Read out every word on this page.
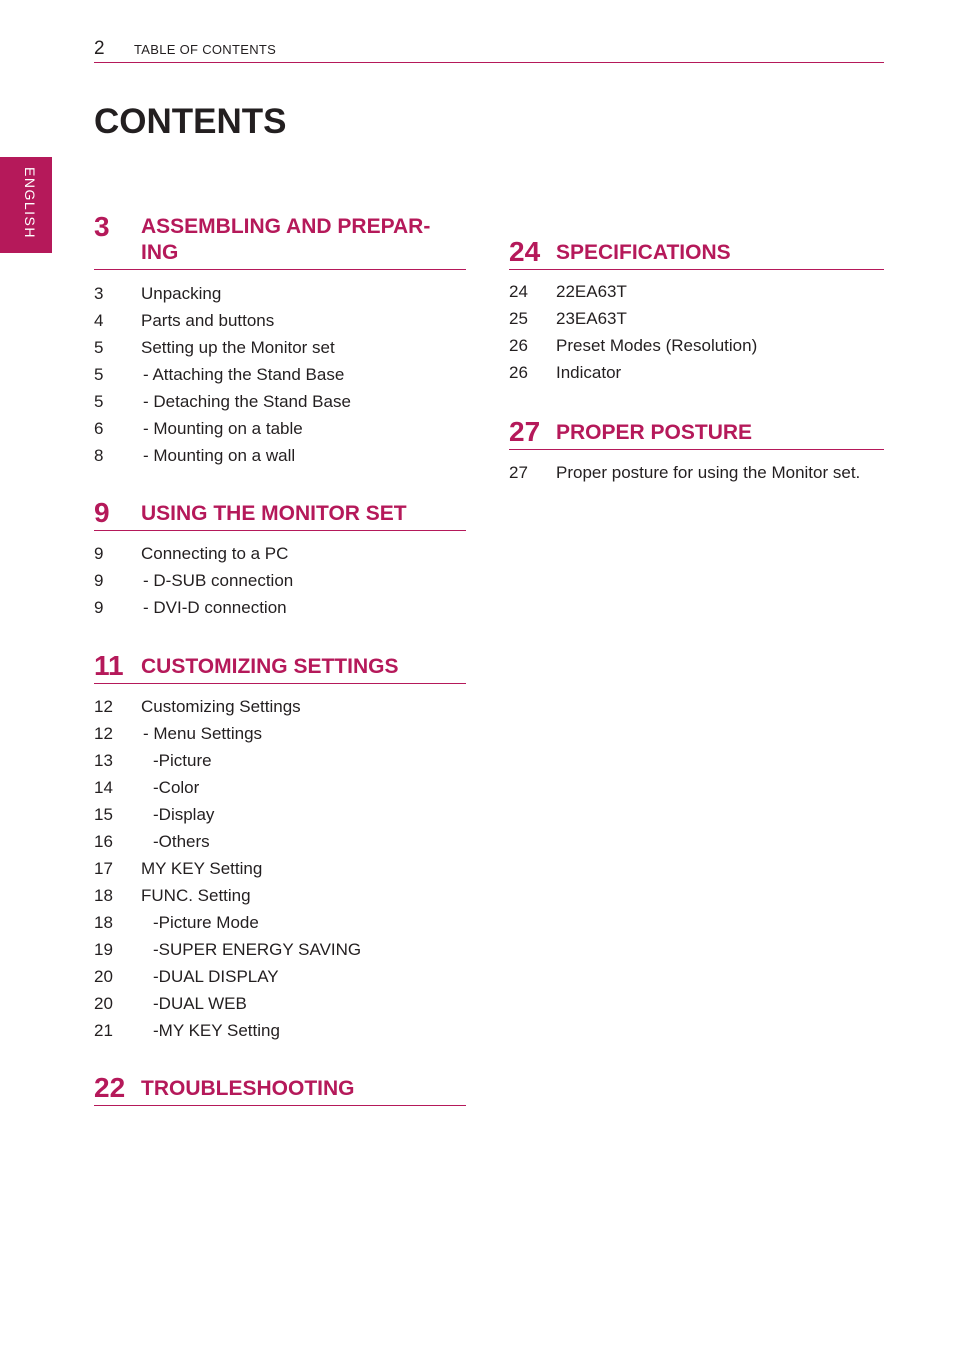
2 TABLE OF CONTENTS
CONTENTS
ENGLISH 3 ASSEMBLING AND PREPAR-
ING
3 Unpacking
4 Parts and buttons
5 Setting up the Monitor set
5 - Attaching the Stand Base
5 - Detaching the Stand Base
6 - Mounting on a table
8 - Mounting on a wall
9 USING THE MONITOR SET
9 Connecting to a PC
9 - D-SUB connection
9 - DVI-D connection
11 CUSTOMIZING SETTINGS
12 Customizing Settings
12 - Menu Settings
13 -Picture
14 -Color
15 -Display
16 -Others
17 MY KEY Setting
18 FUNC. Setting
18 -Picture Mode
19 -SUPER ENERGY SAVING
20 -DUAL DISPLAY
20 -DUAL WEB
21 -MY KEY Setting
22 TROUBLESHOOTING
24 SPECIFICATIONS
24 22EA63T
25 23EA63T
26 Preset Modes (Resolution)
26 Indicator
27 PROPER POSTURE
27 Proper posture for using the Monitor set.
